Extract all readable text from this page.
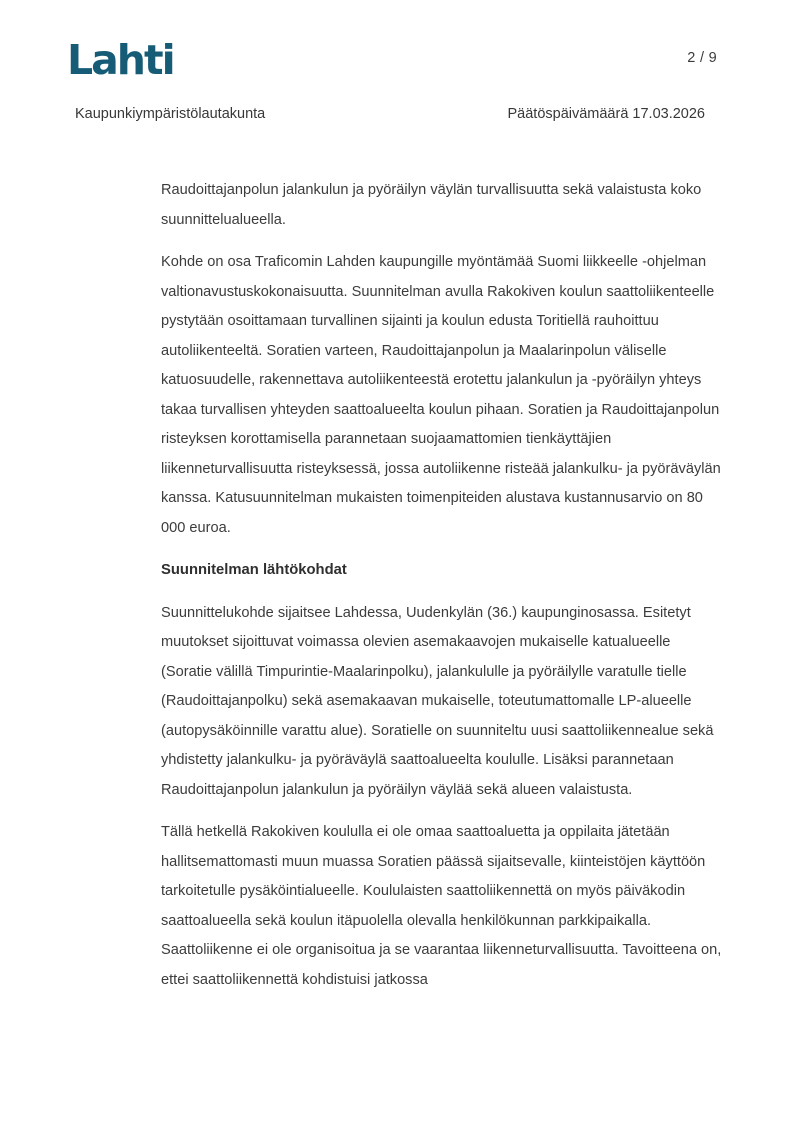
Lahti	2 / 9
Kaupunkiympäristölautakunta	Päätöspäivämäärä 17.03.2026

Raudoittajanpolun jalankulun ja pyöräilyn väylän turvallisuutta sekä valaistusta koko suunnittelualueella.

Kohde on osa Traficomin Lahden kaupungille myöntämää Suomi liikkeelle -ohjelman valtionavustuskokonaisuutta. Suunnitelman avulla Rakokiven koulun saattoliikenteelle pystytään osoittamaan turvallinen sijainti ja koulun edusta Toritiellä rauhoittuu autoliikenteeltä. Soratien varteen, Raudoittajanpolun ja Maalarinpolun väliselle katuosuudelle, rakennettava autoliikenteestä erotettu jalankulun ja -pyöräilyn yhteys takaa turvallisen yhteyden saattoalueelta koulun pihaan. Soratien ja Raudoittajanpolun risteyksen korottamisella parannetaan suojaamattomien tienkäyttäjien liikenneturvallisuutta risteyksessä, jossa autoliikenne risteää jalankulku- ja pyöräväylän kanssa. Katusuunnitelman mukaisten toimenpiteiden alustava kustannusarvio on 80 000 euroa.

Suunnitelman lähtökohdat

Suunnittelukohde sijaitsee Lahdessa, Uudenkylän (36.) kaupunginosassa. Esitetyt muutokset sijoittuvat voimassa olevien asemakaavojen mukaiselle katualueelle (Soratie välillä Timpurintie-Maalarinpolku), jalankululle ja pyöräilylle varatulle tielle (Raudoittajanpolku) sekä asemakaavan mukaiselle, toteutumattomalle LP-alueelle (autopysäköinnille varattu alue). Soratielle on suunniteltu uusi saattoliikennealue sekä yhdistetty jalankulku- ja pyöräväylä saattoalueelta koululle. Lisäksi parannetaan Raudoittajanpolun jalankulun ja pyöräilyn väylää sekä alueen valaistusta.

Tällä hetkellä Rakokiven koululla ei ole omaa saattoaluetta ja oppilaita jätetään hallitsemattomasti muun muassa Soratien päässä sijaitsevalle, kiinteistöjen käyttöön tarkoitetulle pysäköintialueelle. Koululaisten saattoliikennettä on myös päiväkodin saattoalueella sekä koulun itäpuolella olevalla henkilökunnan parkkipaikalla. Saattoliikenne ei ole organisoitua ja se vaarantaa liikenneturvallisuutta. Tavoitteena on, ettei saattoliikennettä kohdistuisi jatkossa
